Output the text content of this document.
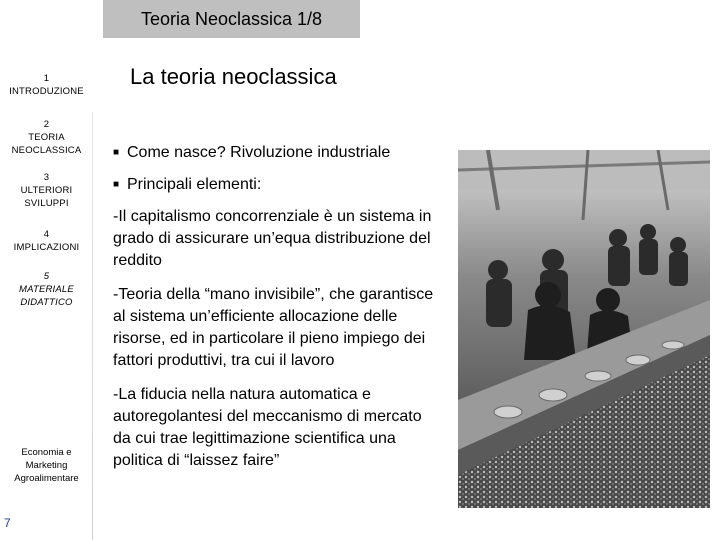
Teoria Neoclassica 1/8
1
INTRODUZIONE
2
TEORIA NEOCLASSICA
3
ULTERIORI SVILUPPI
4
IMPLICAZIONI
5
MATERIALE DIDATTICO
Economia e Marketing Agroalimentare
7
La teoria neoclassica
■ Come nasce? Rivoluzione industriale
■ Principali elementi:
-Il capitalismo concorrenziale è un sistema in grado di assicurare un’equa distribuzione del reddito
-Teoria della “mano invisibile”, che garantisce al sistema un’efficiente allocazione delle risorse, ed in particolare il pieno impiego dei fattori produttivi, tra cui il lavoro
-La fiducia nella natura automatica e autoregolantesi del meccanismo di mercato da cui trae legittimazione scientifica una politica di “laissez faire”
